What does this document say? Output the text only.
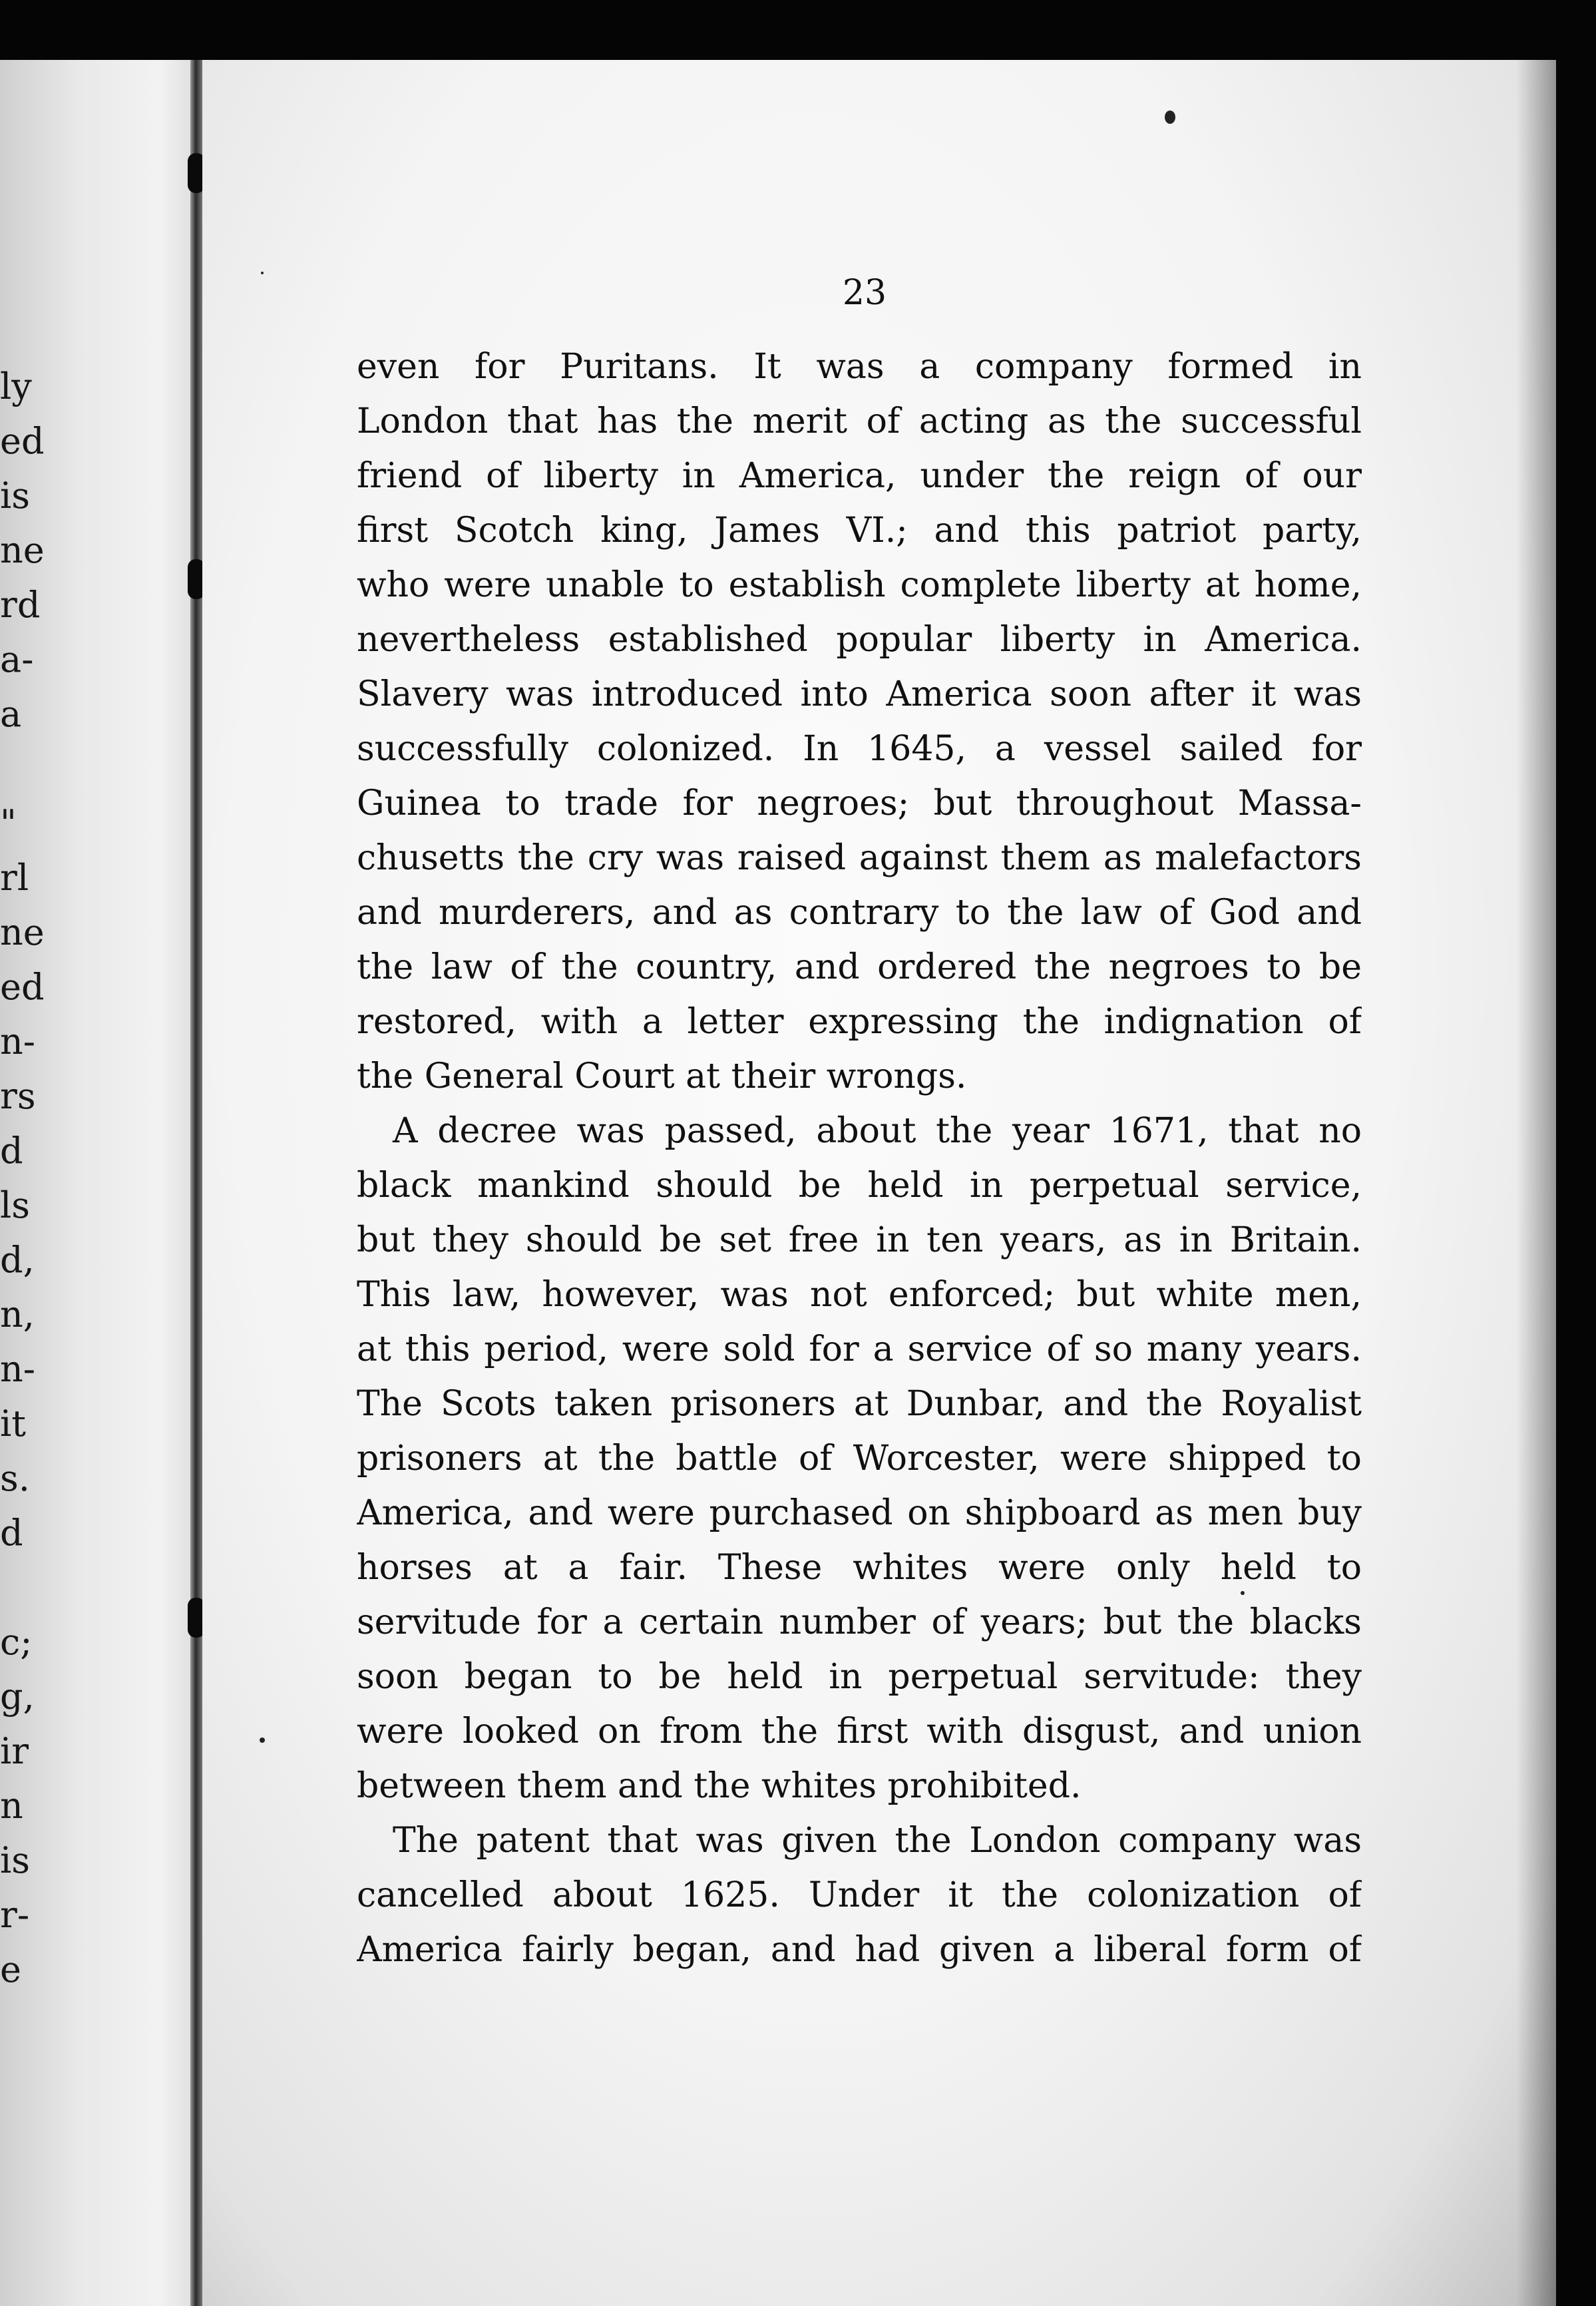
ly
ed
is
ne
rd
a-
a
"
rl
ne
ed
n-
rs
d
ls
d,
n,
n-
it
s.
d
c;
g,
ir
n
is
r-
e
23
even for Puritans. It was a company formed in
London that has the merit of acting as the successful
friend of liberty in America, under the reign of our
first Scotch king, James VI.; and this patriot party,
who were unable to establish complete liberty at home,
nevertheless established popular liberty in America.
Slavery was introduced into America soon after it was
successfully colonized. In 1645, a vessel sailed for
Guinea to trade for negroes; but throughout Massa-
chusetts the cry was raised against them as malefactors
and murderers, and as contrary to the law of God and
the law of the country, and ordered the negroes to be
restored, with a letter expressing the indignation of
the General Court at their wrongs.
A decree was passed, about the year 1671, that no
black mankind should be held in perpetual service,
but they should be set free in ten years, as in Britain.
This law, however, was not enforced; but white men,
at this period, were sold for a service of so many years.
The Scots taken prisoners at Dunbar, and the Royalist
prisoners at the battle of Worcester, were shipped to
America, and were purchased on shipboard as men buy
horses at a fair. These whites were only held to
servitude for a certain number of years; but the blacks
soon began to be held in perpetual servitude: they
were looked on from the first with disgust, and union
between them and the whites prohibited.
The patent that was given the London company was
cancelled about 1625. Under it the colonization of
America fairly began, and had given a liberal form of
